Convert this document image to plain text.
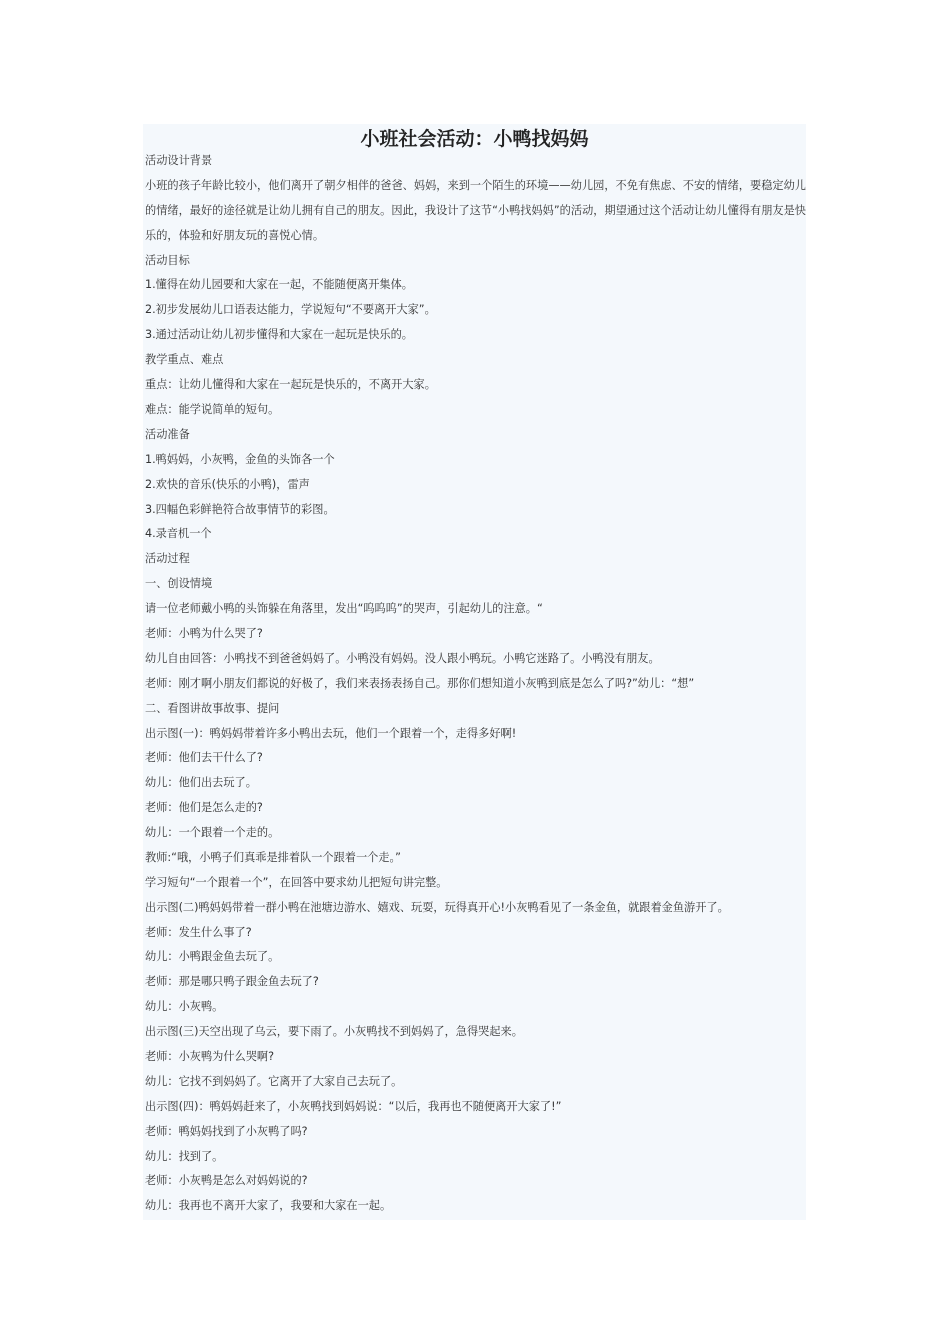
小班社会活动：小鸭找妈妈

活动设计背景

小班的孩子年龄比较小，他们离开了朝夕相伴的爸爸、妈妈，来到一个陌生的环境——幼儿园，不免有焦虑、不安的情绪，要稳定幼儿的情绪，最好的途径就是让幼儿拥有自己的朋友。因此，我设计了这节“小鸭找妈妈”的活动，期望通过这个活动让幼儿懂得有朋友是快乐的，体验和好朋友玩的喜悦心情。

活动目标

1.懂得在幼儿园要和大家在一起，不能随便离开集体。

2.初步发展幼儿口语表达能力，学说短句“不要离开大家”。

3.通过活动让幼儿初步懂得和大家在一起玩是快乐的。

教学重点、难点

重点：让幼儿懂得和大家在一起玩是快乐的，不离开大家。

难点：能学说简单的短句。

活动准备

1.鸭妈妈，小灰鸭，金鱼的头饰各一个

2.欢快的音乐(快乐的小鸭)，雷声

3.四幅色彩鲜艳符合故事情节的彩图。

4.录音机一个

活动过程

一、创设情境

请一位老师戴小鸭的头饰躲在角落里，发出“呜呜呜”的哭声，引起幼儿的注意。“

老师：小鸭为什么哭了?

幼儿自由回答：小鸭找不到爸爸妈妈了。小鸭没有妈妈。没人跟小鸭玩。小鸭它迷路了。小鸭没有朋友。

老师：刚才啊小朋友们都说的好极了，我们来表扬表扬自己。那你们想知道小灰鸭到底是怎么了吗?”幼儿：“想”

二、看图讲故事故事、提问

出示图(一)：鸭妈妈带着许多小鸭出去玩，他们一个跟着一个，走得多好啊!

老师：他们去干什么了?

幼儿：他们出去玩了。

老师：他们是怎么走的?

幼儿：一个跟着一个走的。

教师:“哦，小鸭子们真乖是排着队一个跟着一个走。”

学习短句“一个跟着一个”，在回答中要求幼儿把短句讲完整。

出示图(二)鸭妈妈带着一群小鸭在池塘边游水、嬉戏、玩耍，玩得真开心!小灰鸭看见了一条金鱼，就跟着金鱼游开了。

老师：发生什么事了?

幼儿：小鸭跟金鱼去玩了。

老师：那是哪只鸭子跟金鱼去玩了?

幼儿：小灰鸭。

出示图(三)天空出现了乌云，要下雨了。小灰鸭找不到妈妈了，急得哭起来。

老师：小灰鸭为什么哭啊?

幼儿：它找不到妈妈了。它离开了大家自己去玩了。

出示图(四)：鸭妈妈赶来了，小灰鸭找到妈妈说：“以后，我再也不随便离开大家了!”

老师：鸭妈妈找到了小灰鸭了吗?

幼儿：找到了。

老师：小灰鸭是怎么对妈妈说的?

幼儿：我再也不离开大家了，我要和大家在一起。
